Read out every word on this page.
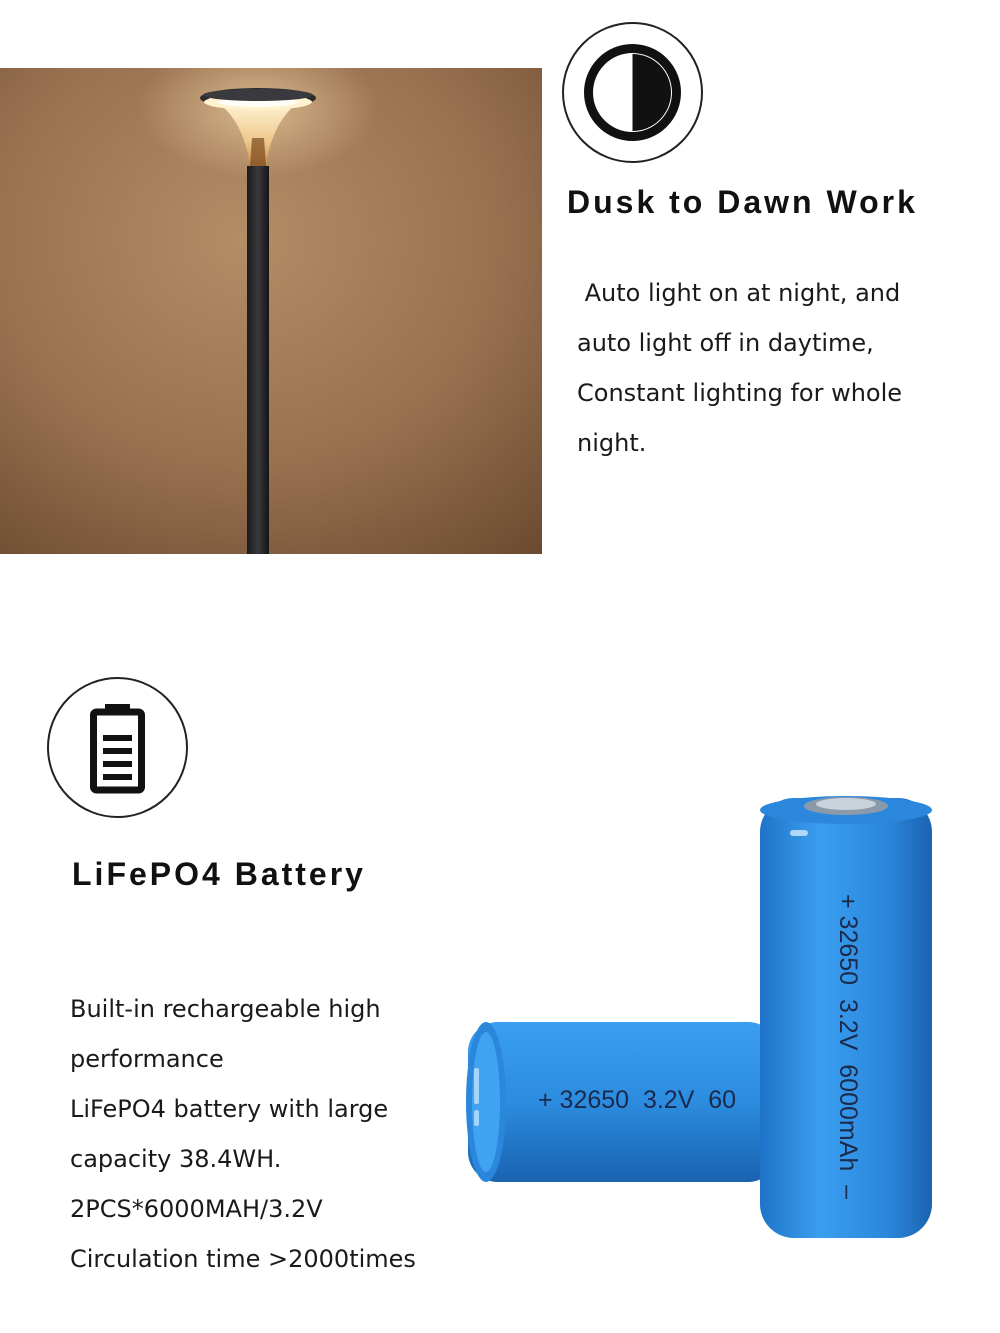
Dusk to Dawn Work
Auto light on at night, and
auto light off in daytime,
Constant lighting for whole
night.
LiFePO4 Battery
Built-in rechargeable high
performance
LiFePO4 battery with large
capacity 38.4WH.
2PCS*6000MAH/3.2V
Circulation time >2000times
+ 32650  3.2V  60	+ 32650  3.2V  6000mAh  –
